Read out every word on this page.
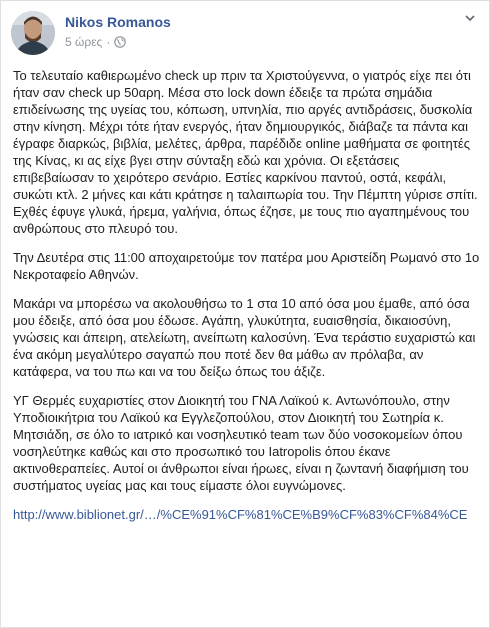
Nikos Romanos
5 ώρες ·

Το τελευταίο καθιερωμένο check up πριν τα Χριστούγεννα, ο γιατρός είχε πει ότι ήταν σαν check up 50αρη. Μέσα στο lock down έδειξε τα πρώτα σημάδια επιδείνωσης της υγείας του, κόπωση, υπνηλία, πιο αργές αντιδράσεις, δυσκολία στην κίνηση. Μέχρι τότε ήταν ενεργός, ήταν δημιουργικός, διάβαζε τα πάντα και έγραφε διαρκώς, βιβλία, μελέτες, άρθρα, παρέδιδε online μαθήματα σε φοιτητές της Κίνας, κι ας είχε βγει στην σύνταξη εδώ και χρόνια. Οι εξετάσεις επιβεβαίωσαν το χειρότερο σενάριο. Εστίες καρκίνου παντού, οστά, κεφάλι, συκώτι κτλ. 2 μήνες και κάτι κράτησε η ταλαιπωρία του. Την Πέμπτη γύρισε σπίτι. Εχθές έφυγε γλυκά, ήρεμα, γαλήνια, όπως έζησε, με τους πιο αγαπημένους του ανθρώπους στο πλευρό του.

Την Δευτέρα στις 11:00 αποχαιρετούμε τον πατέρα μου Αριστείδη Ρωμανό στο 1ο Νεκροταφείο Αθηνών.

Μακάρι να μπορέσω να ακολουθήσω το 1 στα 10 από όσα μου έμαθε, από όσα μου έδειξε, από όσα μου έδωσε. Αγάπη, γλυκύτητα, ευαισθησία, δικαιοσύνη, γνώσεις και άπειρη, ατελείωτη, ανείπωτη καλοσύνη. Ένα τεράστιο ευχαριστώ και ένα ακόμη μεγαλύτερο σαγαπώ που ποτέ δεν θα μάθω αν πρόλαβα, αν κατάφερα, να του πω και να του δείξω όπως του άξιζε.

ΥΓ Θερμές ευχαριστίες στον Διοικητή του ΓΝΑ Λαϊκού κ. Αντωνόπουλο, στην Υποδιοικήτρια του Λαϊκού κα Εγγλεζοπούλου, στον Διοικητή του Σωτηρία κ. Μητσιάδη, σε όλο το ιατρικό και νοσηλευτικό team των δύο νοσοκομείων όπου νοσηλεύτηκε καθώς και στο προσωπικό του Iatropolis όπου έκανε ακτινοθεραπείες. Αυτοί οι άνθρωποι είναι ήρωες, είναι η ζωντανή διαφήμιση του συστήματος υγείας μας και τους είμαστε όλοι ευγνώμονες.

http://www.biblionet.gr/…/%CE%91%CF%81%CE%B9%CF%83%CF%84%CE
